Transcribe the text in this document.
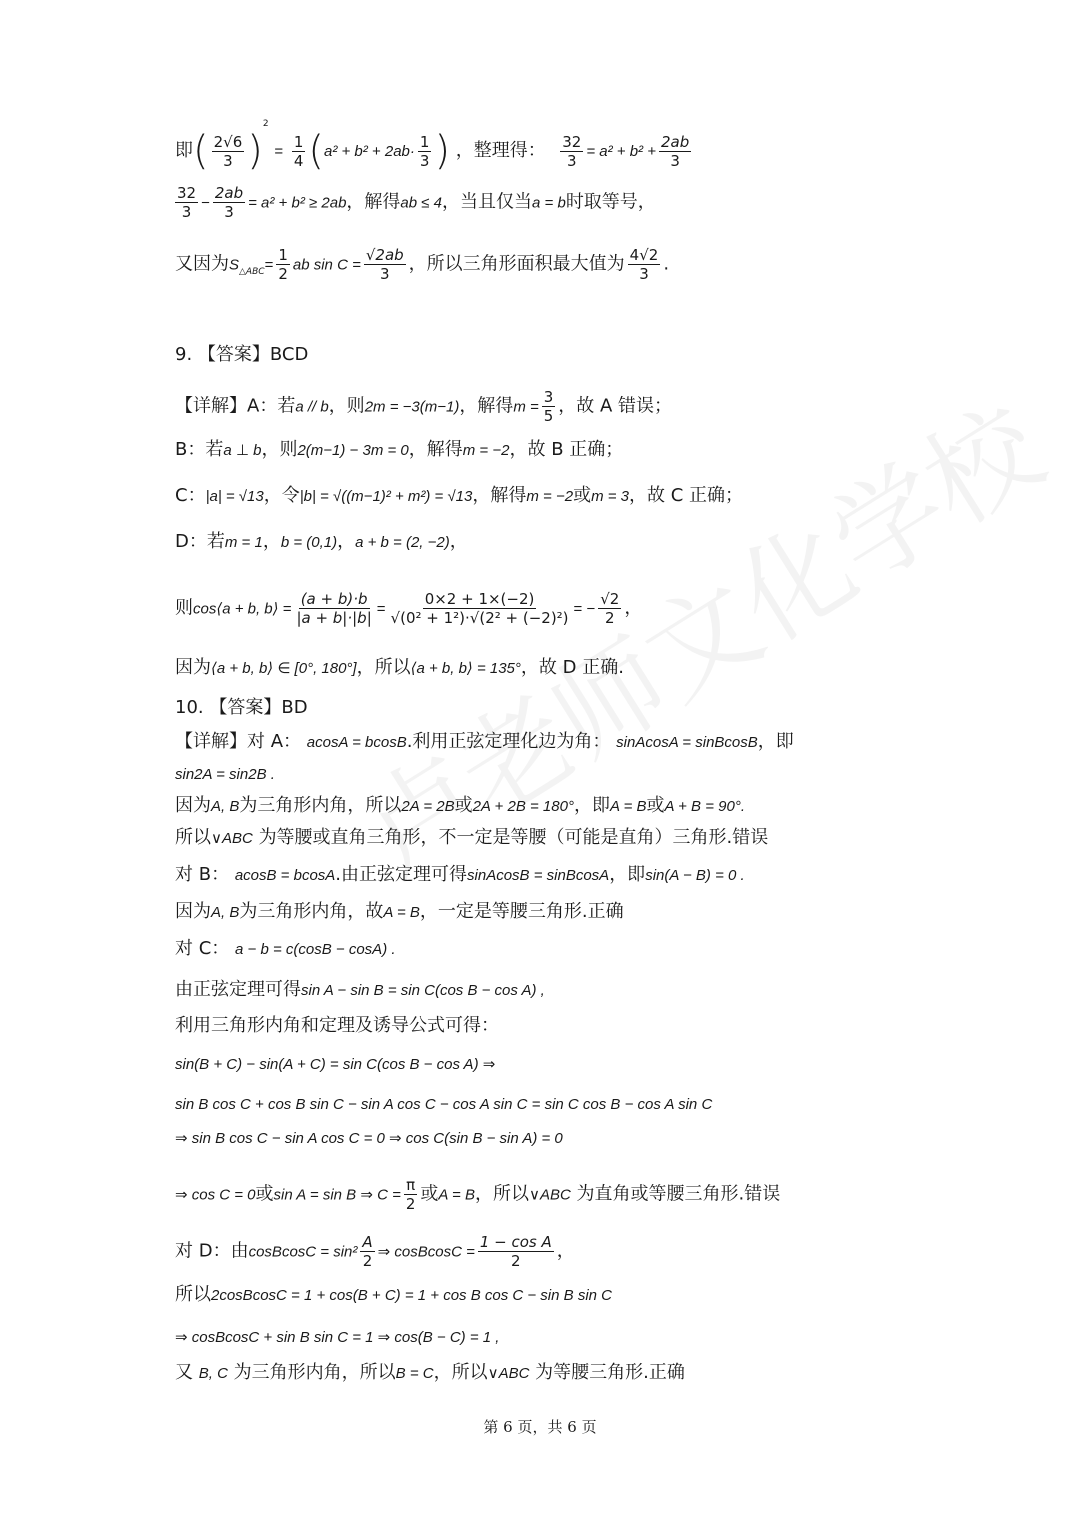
即( $\frac{2√6}{3} )^2 = \frac{1}{4} (a^2 + b^2 + 2ab\cdot \frac{1}{3}$ ) ，整理得： $\frac{32}{3} = a^2 + b^2 + \frac{2ab}{3}$
$\frac{32}{3} - \frac{2ab}{3} = a^2 + b^2 \ge 2ab$，解得ab ≤ 4，当且仅当a = b时取等号，
又因为$S_{\triangle ABC}= \frac{1}{2}$ ab $\sin C = \frac{√2ab}{3}$ ，所以三角形面积最大值为 $\frac{4√2}{3}$ .
9. 【答案】BCD
【详解】A：若a // b，则2m = −3(m−1)，解得$m = \frac{3}{5}$ ，故 A 错误；
B：若a ⊥ b，则2(m−1) − 3m = 0，解得m = −2，故 B 正确；
C：|a| = √13，令|b| = √((m−1)² + m²) = √13，解得m = −2或m = 3，故 C 正确；
D：若m = 1，b = (0,1)，a + b = (2, −2)，
则cos⟨a + b, b⟩ = $\frac{(a + b)\cdot b}{|a + b|\cdot|b|} = \frac{0\times 2 + 1\times(-2)}{\text{√(0² + 1²)·√(2² + (−2)²)}}$ = − $\frac{√2}{2}$ ，
因为⟨a + b, b⟩ ∈ [0°, 180°]，所以⟨a + b, b⟩ = 135°，故 D 正确.
10. 【答案】BD
【详解】对 A： acosA = bcosB.利用正弦定理化边为角： sinAcosA = sinBcosB，即
sin2A = sin2B .
因为A, B为三角形内角，所以2A = 2B或2A + 2B = 180°，即A = B或A + B = 90°.
所以∨ABC 为等腰或直角三角形，不一定是等腰（可能是直角）三角形.错误
对 B： acosB = bcosA.由正弦定理可得sinAcosB = sinBcosA，即sin(A − B) = 0 .
因为A, B为三角形内角，故A = B，一定是等腰三角形.正确
对 C： a − b = c(cosB − cosA) .
由正弦定理可得sin A − sin B = sin C(cos B − cos A) ,
利用三角形内角和定理及诱导公式可得：
sin(B + C) − sin(A + C) = sin C(cos B − cos A) ⇒
sin B cos C + cos B sin C − sin A cos C − cos A sin C = sin C cos B − cos A sin C
⇒ sin B cos C − sin A cos C = 0 ⇒ cos C(sin B − sin A) = 0
⇒ cos C = 0或sin A = sin B ⇒ $C = \frac{\pi}{2}$ 或A = B，所以∨ABC 为直角或等腰三角形.错误
对 D：由cosBcosC = $\sin^2 \frac{A}{2}$ ⇒ cosBcosC = $\frac{\text{1 − cos A}}{2}$ ，
所以2cosBcosC = 1 + cos(B + C) = 1 + cos B cos C − sin B sin C
⇒ cosBcosC + sin B sin C = 1 ⇒ cos(B − C) = 1 ,
又 B, C 为三角形内角，所以B = C，所以∨ABC 为等腰三角形.正确
第 6 页，共 6 页
